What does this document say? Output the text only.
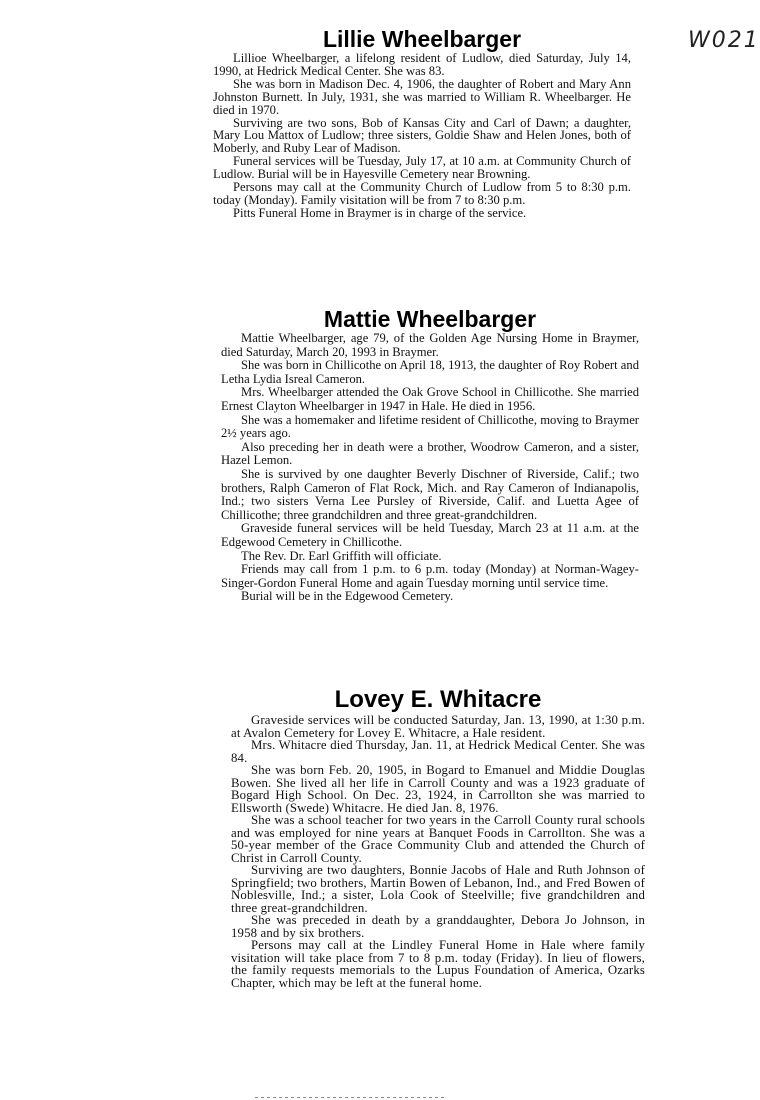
W021
Lillie Wheelbarger

Lillioe Wheelbarger, a lifelong resident of Ludlow, died Saturday, July 14, 1990, at Hedrick Medical Center. She was 83.

She was born in Madison Dec. 4, 1906, the daughter of Robert and Mary Ann Johnston Burnett. In July, 1931, she was married to William R. Wheelbarger. He died in 1970.

Surviving are two sons, Bob of Kansas City and Carl of Dawn; a daughter, Mary Lou Mattox of Ludlow; three sisters, Goldie Shaw and Helen Jones, both of Moberly, and Ruby Lear of Madison.

Funeral services will be Tuesday, July 17, at 10 a.m. at Community Church of Ludlow. Burial will be in Hayesville Cemetery near Browning.

Persons may call at the Community Church of Ludlow from 5 to 8:30 p.m. today (Monday). Family visitation will be from 7 to 8:30 p.m.

Pitts Funeral Home in Braymer is in charge of the service.

Mattie Wheelbarger

Mattie Wheelbarger, age 79, of the Golden Age Nursing Home in Braymer, died Saturday, March 20, 1993 in Braymer.

She was born in Chillicothe on April 18, 1913, the daughter of Roy Robert and Letha Lydia Isreal Cameron.

Mrs. Wheelbarger attended the Oak Grove School in Chillicothe. She married Ernest Clayton Wheelbarger in 1947 in Hale. He died in 1956.

She was a homemaker and lifetime resident of Chillicothe, moving to Braymer 2½ years ago.

Also preceding her in death were a brother, Woodrow Cameron, and a sister, Hazel Lemon.

She is survived by one daughter Beverly Dischner of Riverside, Calif.; two brothers, Ralph Cameron of Flat Rock, Mich. and Ray Cameron of Indianapolis, Ind.; two sisters Verna Lee Pursley of Riverside, Calif. and Luetta Agee of Chillicothe; three grandchildren and three great-grandchildren.

Graveside funeral services will be held Tuesday, March 23 at 11 a.m. at the Edgewood Cemetery in Chillicothe.

The Rev. Dr. Earl Griffith will officiate.

Friends may call from 1 p.m. to 6 p.m. today (Monday) at Norman-Wagey-Singer-Gordon Funeral Home and again Tuesday morning until service time.

Burial will be in the Edgewood Cemetery.

Lovey E. Whitacre

Graveside services will be conducted Saturday, Jan. 13, 1990, at 1:30 p.m. at Avalon Cemetery for Lovey E. Whitacre, a Hale resident.

Mrs. Whitacre died Thursday, Jan. 11, at Hedrick Medical Center. She was 84.

She was born Feb. 20, 1905, in Bogard to Emanuel and Middie Douglas Bowen. She lived all her life in Carroll County and was a 1923 graduate of Bogard High School. On Dec. 23, 1924, in Carrollton she was married to Ellsworth (Swede) Whitacre. He died Jan. 8, 1976.

She was a school teacher for two years in the Carroll County rural schools and was employed for nine years at Banquet Foods in Carrollton. She was a 50-year member of the Grace Community Club and attended the Church of Christ in Carroll County.

Surviving are two daughters, Bonnie Jacobs of Hale and Ruth Johnson of Springfield; two brothers, Martin Bowen of Lebanon, Ind., and Fred Bowen of Noblesville, Ind.; a sister, Lola Cook of Steelville; five grandchildren and three great-grandchildren.

She was preceded in death by a granddaughter, Debora Jo Johnson, in 1958 and by six brothers.

Persons may call at the Lindley Funeral Home in Hale where family visitation will take place from 7 to 8 p.m. today (Friday). In lieu of flowers, the family requests memorials to the Lupus Foundation of America, Ozarks Chapter, which may be left at the funeral home.
